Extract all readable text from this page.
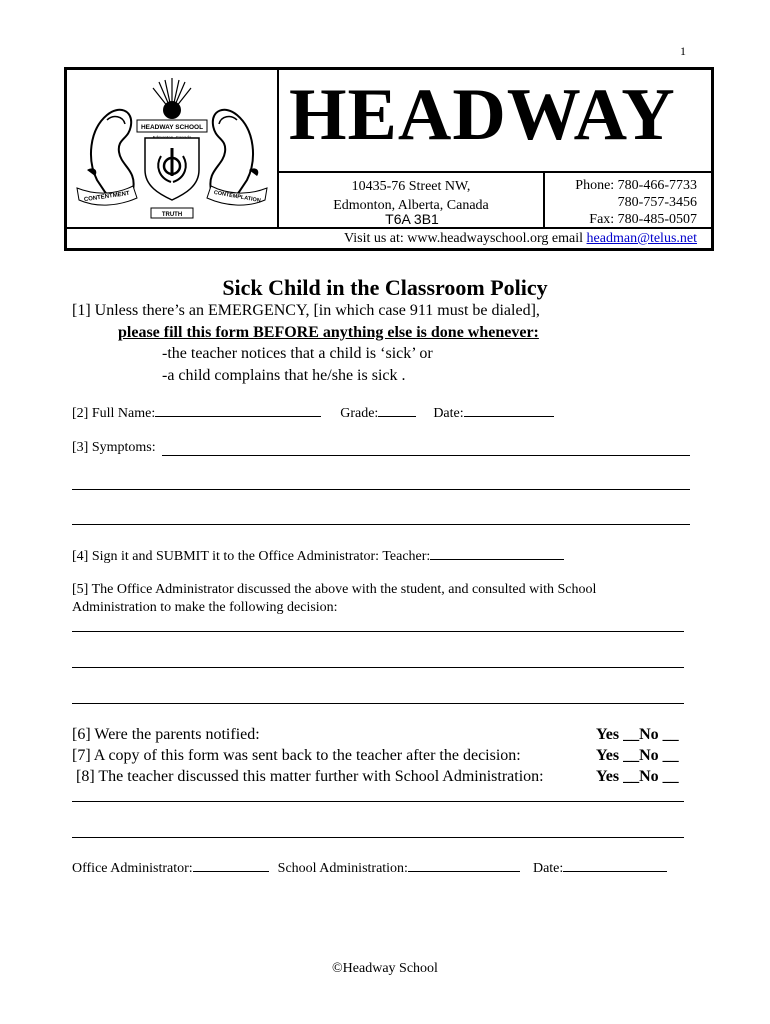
1
HEADWAY SCHOOL
CONTENTMENT	CONTEMPLATION
TRUTH
HEADWAY
10435-76 Street NW,
Edmonton, Alberta, Canada
T6A 3B1
Phone: 780-466-7733
780-757-3456
Fax: 780-485-0507
Visit us at: www.headwayschool.org email headman@telus.net
Sick Child in the Classroom Policy
[1] Unless there’s an EMERGENCY, [in which case 911 must be dialed],
please fill this form BEFORE anything else is done whenever:
-the teacher notices that a child is ‘sick’ or
-a child complains that he/she is sick .
[2] Full Name:	Grade:	Date:
[3] Symptoms:
[4] Sign it and SUBMIT it to the Office Administrator: Teacher:
[5] The Office Administrator discussed the above with the student, and consulted with School
Administration to make the following decision:
[6] Were the parents notified:	Yes __No __
[7] A copy of this form was sent back to the teacher after the decision:	Yes __No __
[8] The teacher discussed this matter further with School Administration:	Yes __No __
Office Administrator:	School Administration:	Date:
©Headway School
